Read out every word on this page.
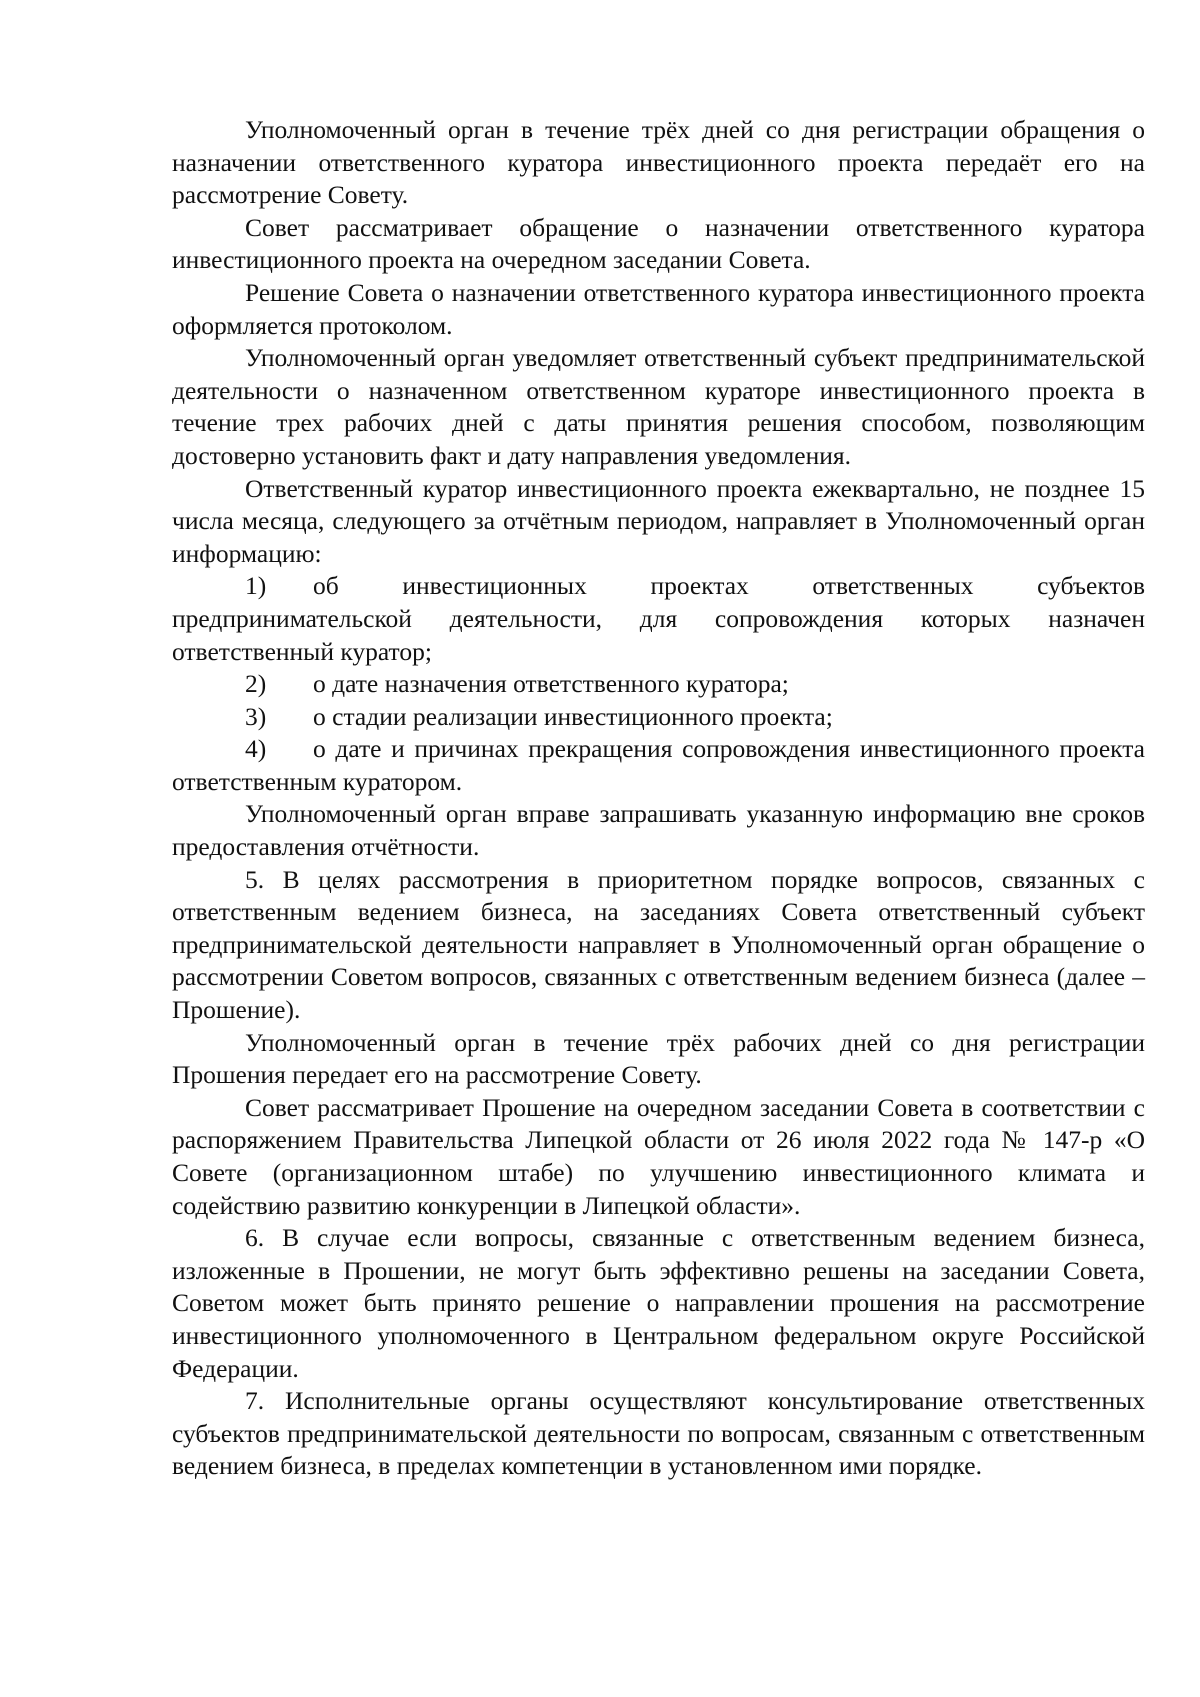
Уполномоченный орган в течение трёх дней со дня регистрации обращения о назначении ответственного куратора инвестиционного проекта передаёт его на рассмотрение Совету.

Совет рассматривает обращение о назначении ответственного куратора инвестиционного проекта на очередном заседании Совета.

Решение Совета о назначении ответственного куратора инвестиционного проекта оформляется протоколом.

Уполномоченный орган уведомляет ответственный субъект предпринимательской деятельности о назначенном ответственном кураторе инвестиционного проекта в течение трех рабочих дней с даты принятия решения способом, позволяющим достоверно установить факт и дату направления уведомления.

Ответственный куратор инвестиционного проекта ежеквартально, не позднее 15 числа месяца, следующего за отчётным периодом, направляет в Уполномоченный орган информацию:

1) об инвестиционных проектах ответственных субъектов предпринимательской деятельности, для сопровождения которых назначен ответственный куратор;

2) о дате назначения ответственного куратора;

3) о стадии реализации инвестиционного проекта;

4) о дате и причинах прекращения сопровождения инвестиционного проекта ответственным куратором.

Уполномоченный орган вправе запрашивать указанную информацию вне сроков предоставления отчётности.

5. В целях рассмотрения в приоритетном порядке вопросов, связанных с ответственным ведением бизнеса, на заседаниях Совета ответственный субъект предпринимательской деятельности направляет в Уполномоченный орган обращение о рассмотрении Советом вопросов, связанных с ответственным ведением бизнеса (далее – Прошение).

Уполномоченный орган в течение трёх рабочих дней со дня регистрации Прошения передает его на рассмотрение Совету.

Совет рассматривает Прошение на очередном заседании Совета в соответствии с распоряжением Правительства Липецкой области от 26 июля 2022 года № 147-р «О Совете (организационном штабе) по улучшению инвестиционного климата и содействию развитию конкуренции в Липецкой области».

6. В случае если вопросы, связанные с ответственным ведением бизнеса, изложенные в Прошении, не могут быть эффективно решены на заседании Совета, Советом может быть принято решение о направлении прошения на рассмотрение инвестиционного уполномоченного в Центральном федеральном округе Российской Федерации.

7. Исполнительные органы осуществляют консультирование ответственных субъектов предпринимательской деятельности по вопросам, связанным с ответственным ведением бизнеса, в пределах компетенции в установленном ими порядке.
